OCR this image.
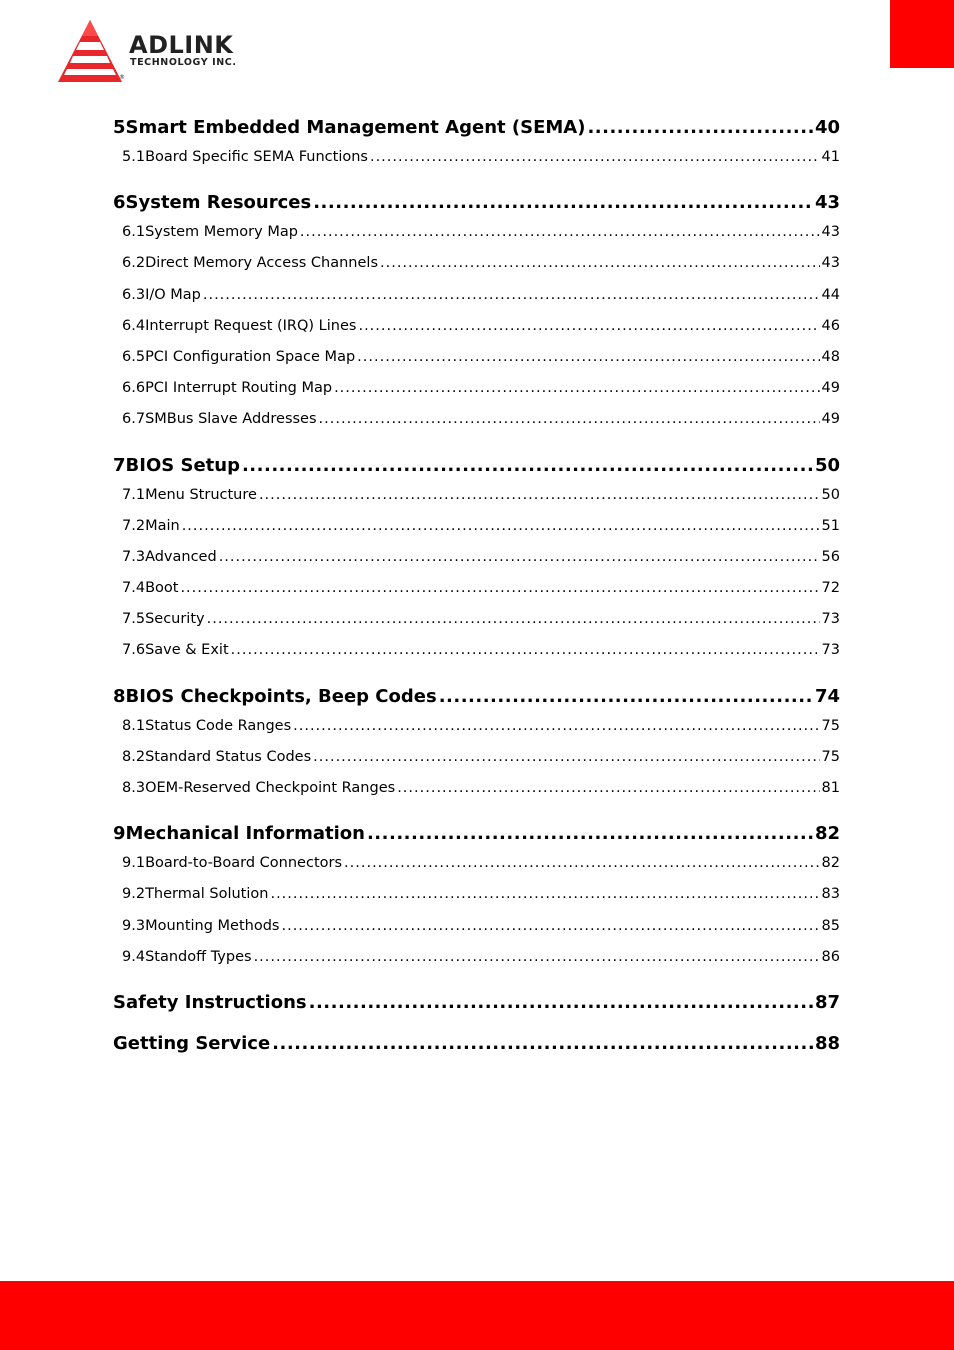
ADLINK
TECHNOLOGY INC.
®
5 Smart Embedded Management Agent (SEMA) .....	40
5.1 Board Specific SEMA Functions .....	41
6 System Resources .....	43
6.1 System Memory Map .....	43
6.2 Direct Memory Access Channels .....	43
6.3 I/O Map .....	44
6.4 Interrupt Request (IRQ) Lines .....	46
6.5 PCI Configuration Space Map .....	48
6.6 PCI Interrupt Routing Map .....	49
6.7 SMBus Slave Addresses .....	49
7 BIOS Setup .....	50
7.1 Menu Structure .....	50
7.2 Main .....	51
7.3 Advanced .....	56
7.4 Boot .....	72
7.5 Security .....	73
7.6 Save & Exit .....	73
8 BIOS Checkpoints, Beep Codes .....	74
8.1 Status Code Ranges .....	75
8.2 Standard Status Codes .....	75
8.3 OEM-Reserved Checkpoint Ranges .....	81
9 Mechanical Information .....	82
9.1 Board-to-Board Connectors .....	82
9.2 Thermal Solution .....	83
9.3 Mounting Methods .....	85
9.4 Standoff Types .....	86
Safety Instructions .....	87
Getting Service .....	88
